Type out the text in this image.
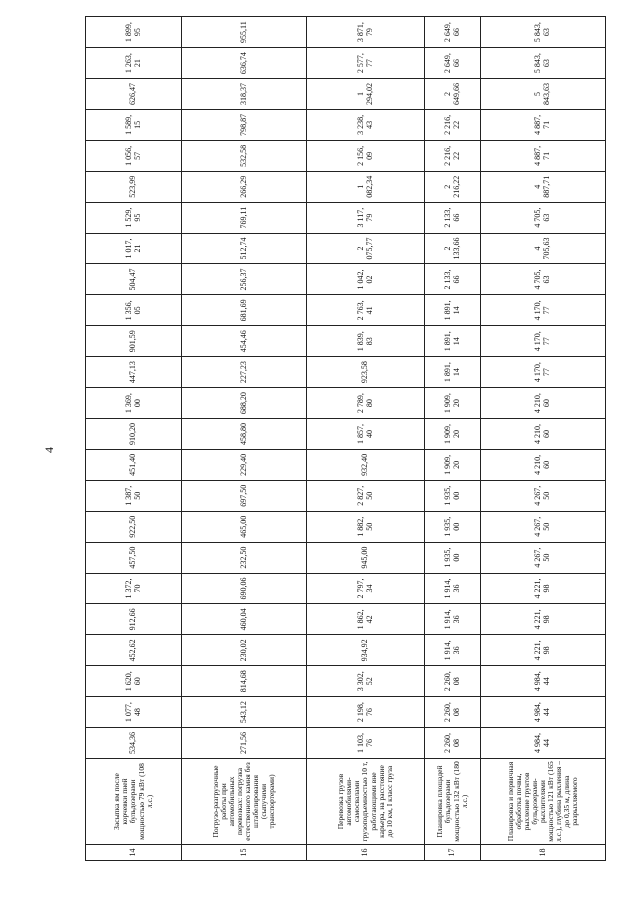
4
14	Засыпка ям после корчевки пней бульдозерами мощностью 79 кВт (108 л.с.)	534,36	1 077, 48	1 620, 60	452,62	912,66	1 372, 70	457,50	922,50	1 387, 50	451,40	910,20	1 369, 00	447,13	901,59	1 356, 05	504,47	1 017, 21	1 529, 95	523,99	1 056, 57	1 589, 15	626,47	1 263, 21	1 899, 95
15	Погрузо-разгрузочные работы при автомобильных перевозках: погрузка естественного камня без штабелирования (сыпучими транспортерами)	271,56	543,12	814,68	230,02	460,04	690,06	232,50	465,00	697,50	229,40	458,80	688,20	227,23	454,46	681,69	256,37	512,74	769,11	266,29	532,58	798,87	318,37	636,74	955,11
16	Перевозка грузов автомобилями-самосвалами грузоподъемностью 10 т, работающими вне карьера, на расстояние до 10 км, I класс груза	1 103, 76	2 198, 76	3 302, 52	934,92	1 862, 42	2 797, 34	945,00	1 882, 50	2 827, 50	932,40	1 857, 40	2 789, 80	923,58	1 839, 83	2 763, 41	1 042, 02	2 075,77	3 117, 79	1 082,34	2 156, 09	3 238, 43	1 294,02	2 577, 77	3 871, 79
17	Планировка площадей бульдозерами мощностью 132 кВт (180 л.с.)	2 260, 08	2 260, 08	2 260, 08	1 914, 36	1 914, 36	1 914, 36	1 935, 00	1 935, 00	1 935, 00	1 909, 20	1 909, 20	1 909, 20	1 891, 14	1 891, 14	1 891, 14	2 133, 66	2 133,66	2 133, 66	2 216,22	2 216, 22	2 216, 22	2 649,66	2 649, 66	2 649, 66
18	Планировка и первичная обработка почвы, рыхление грунтов бульдозерами-рыхлителями мощностью 121 кВт (165 л.с.), глубина рыхления – до 0,35 м, длина разрыхляемого	4 984, 44	4 984, 44	4 984, 44	4 221, 98	4 221, 98	4 221, 98	4 267, 50	4 267, 50	4 267, 50	4 210, 60	4 210, 60	4 210, 60	4 170, 77	4 170, 77	4 170, 77	4 705, 63	4 705,63	4 705, 63	4 887,71	4 887, 71	4 887, 71	5 843,63	5 843, 63	5 843, 63
